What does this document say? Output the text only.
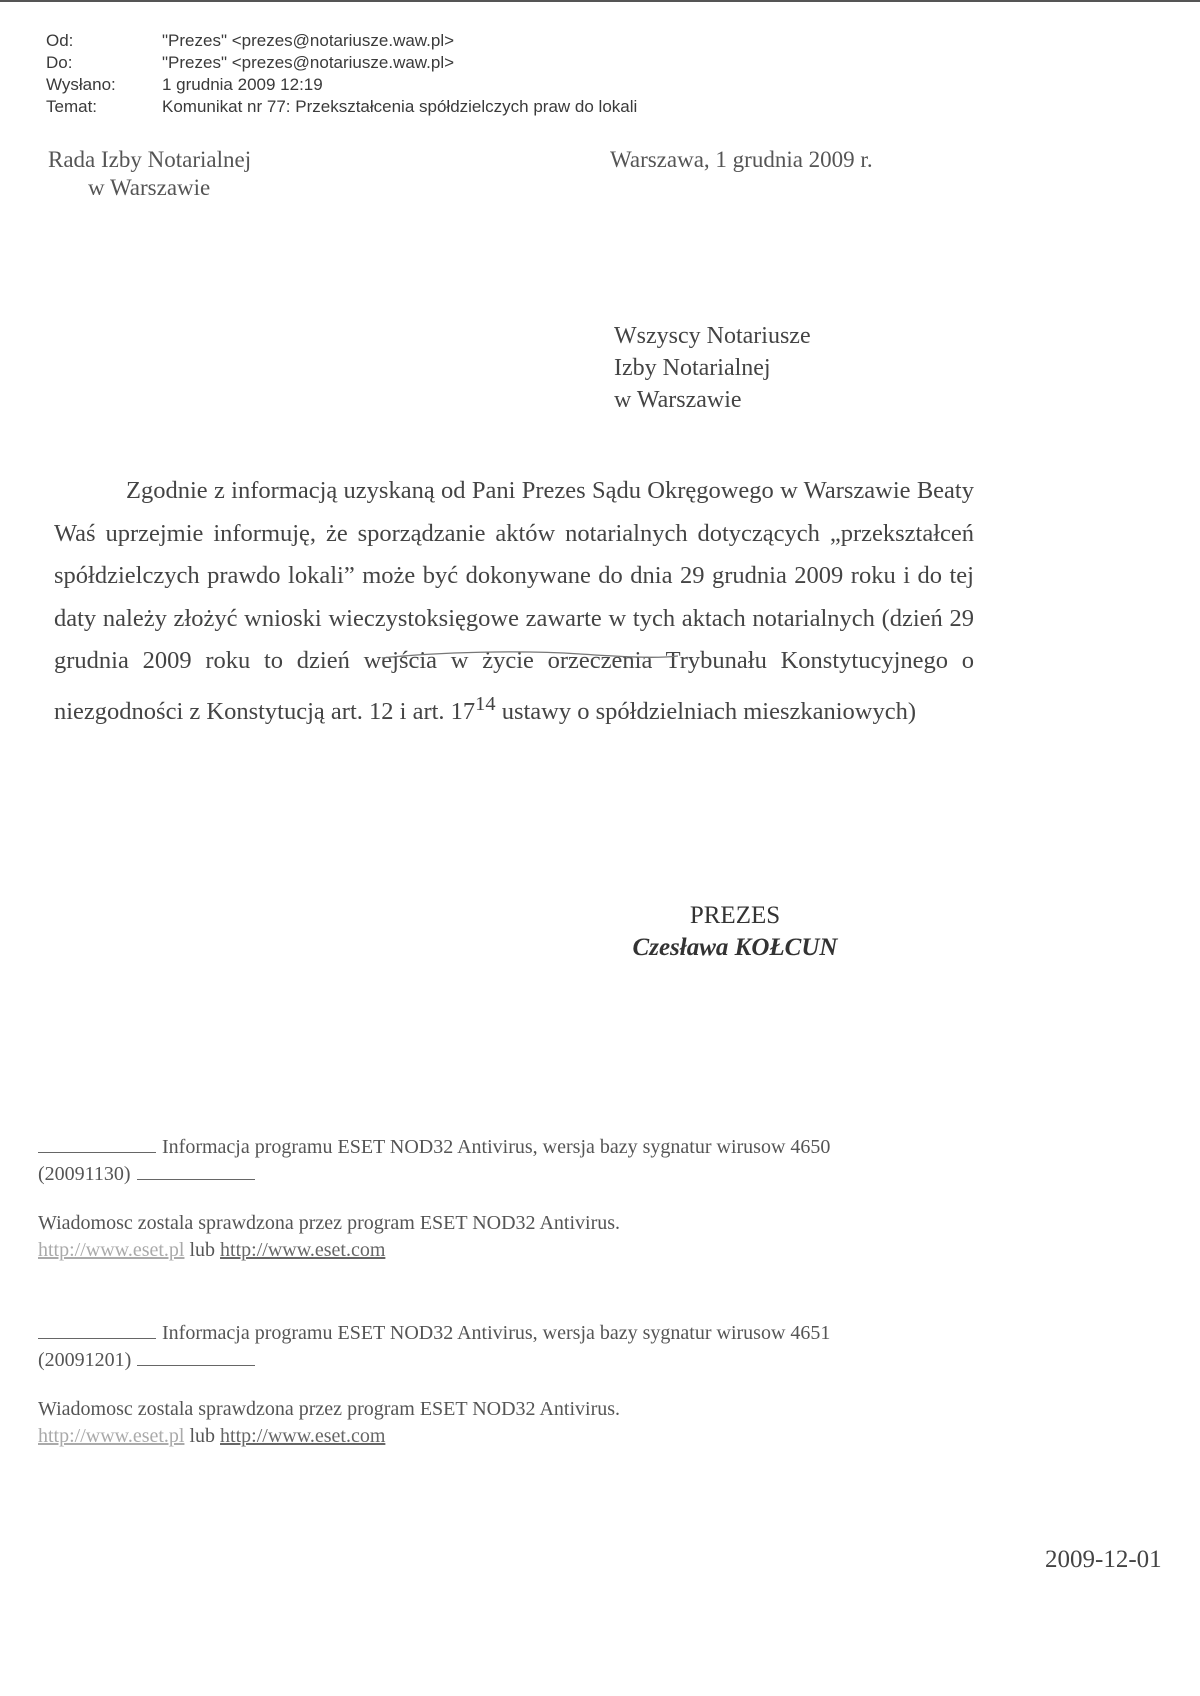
Od:	"Prezes" <prezes@notariusze.waw.pl>
Do:	"Prezes" <prezes@notariusze.waw.pl>
Wysłano:	1 grudnia 2009 12:19
Temat:	Komunikat nr 77: Przekształcenia spółdzielczych praw do lokali
Rada Izby Notarialnej
w Warszawie
Warszawa, 1 grudnia 2009 r.
Wszyscy Notariusze
Izby Notarialnej
w Warszawie

Zgodnie z informacją uzyskaną od Pani Prezes Sądu Okręgowego w Warszawie Beaty Waś uprzejmie informuję, że sporządzanie aktów notarialnych dotyczących „przekształceń spółdzielczych prawdo lokali” może być dokonywane do dnia 29 grudnia 2009 roku i do tej daty należy złożyć wnioski wieczystoksięgowe zawarte w tych aktach notarialnych (dzień 29 grudnia 2009 roku to dzień wejścia w życie orzeczenia Trybunału Konstytucyjnego o niezgodności z Konstytucją art. 12 i art. $17^{14}$ ustawy o spółdzielniach mieszkaniowych)

PREZES
Czesława KOŁCUN
Informacja programu ESET NOD32 Antivirus, wersja bazy sygnatur wirusow 4650
(20091130)
Wiadomosc zostala sprawdzona przez program ESET NOD32 Antivirus.
http://www.eset.pl lub http://www.eset.com
Informacja programu ESET NOD32 Antivirus, wersja bazy sygnatur wirusow 4651
(20091201)
Wiadomosc zostala sprawdzona przez program ESET NOD32 Antivirus.
http://www.eset.pl lub http://www.eset.com
2009-12-01
